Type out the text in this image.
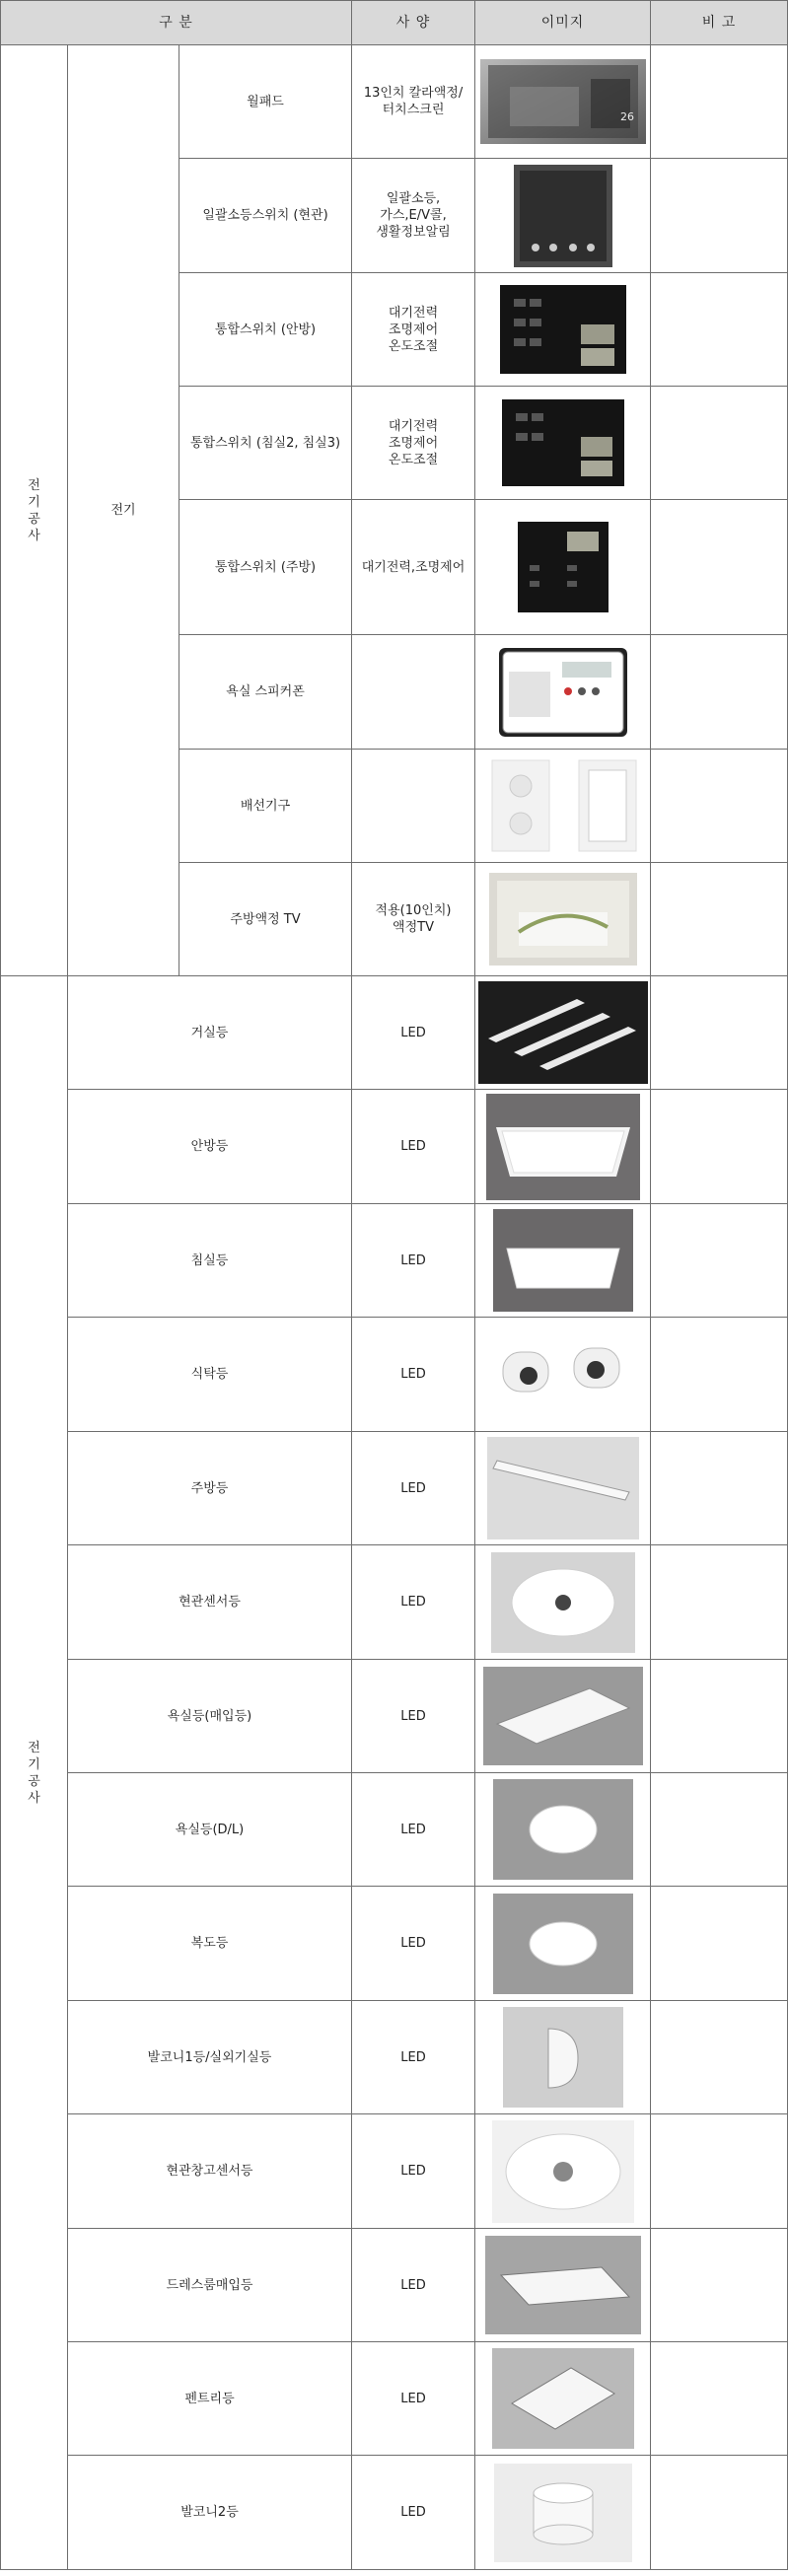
구 분			사 양	이미지	비 고

전
기
공
사	전기	월패드	13인치 칼라액정/
터치스크린	26	

		일괄소등스위치 (현관)	일괄소등,
가스,E/V콜,
생활정보알림

		통합스위치 (안방)	대기전력
조명제어
온도조절

		통합스위치 (침실2, 침실3)	대기전력
조명제어
온도조절

		통합스위치 (주방)	대기전력,조명제어

		욕실 스피커폰		

		배선기구		

		주방액정 TV	적용(10인치)
액정TV

전
기
공
사	거실등		LED	

	안방등		LED	

	침실등		LED	

	식탁등		LED	

	주방등		LED	

	현관센서등		LED	

	욕실등(매입등)		LED	

	욕실등(D/L)		LED	

	복도등		LED	

	발코니1등/실외기실등		LED	

	현관창고센서등		LED	

	드레스룸매입등		LED	

	펜트리등		LED	

	발코니2등		LED	
